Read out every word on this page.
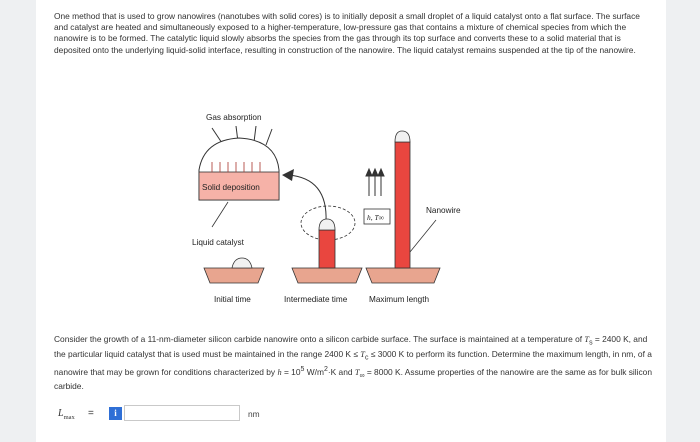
One method that is used to grow nanowires (nanotubes with solid cores) is to initially deposit a small droplet of a liquid catalyst onto a flat surface. The surface and catalyst are heated and simultaneously exposed to a higher-temperature, low-pressure gas that contains a mixture of chemical species from which the nanowire is to be formed. The catalytic liquid slowly absorbs the species from the gas through its top surface and converts these to a solid material that is deposited onto the underlying liquid-solid interface, resulting in construction of the nanowire. The liquid catalyst remains suspended at the tip of the nanowire.

Gas absorption
Solid deposition
Liquid catalyst
h, T∞
Nanowire
Initial time	Intermediate time	Maximum length

Consider the growth of a 11-nm-diameter silicon carbide nanowire onto a silicon carbide surface. The surface is maintained at a temperature of $T_s = 2400$ K, and the particular liquid catalyst that is used must be maintained in the range 2400 $K \le T_c \le 3000$ K to perform its function. Determine the maximum length, in nm, of a nanowire that may be grown for conditions characterized by $h = 10^5$ $W/m^2\cdot K$ and $T_\infty = 8000$ K. Assume properties of the nanowire are the same as for bulk silicon carbide.

$L_{max}$ =	i	nm
